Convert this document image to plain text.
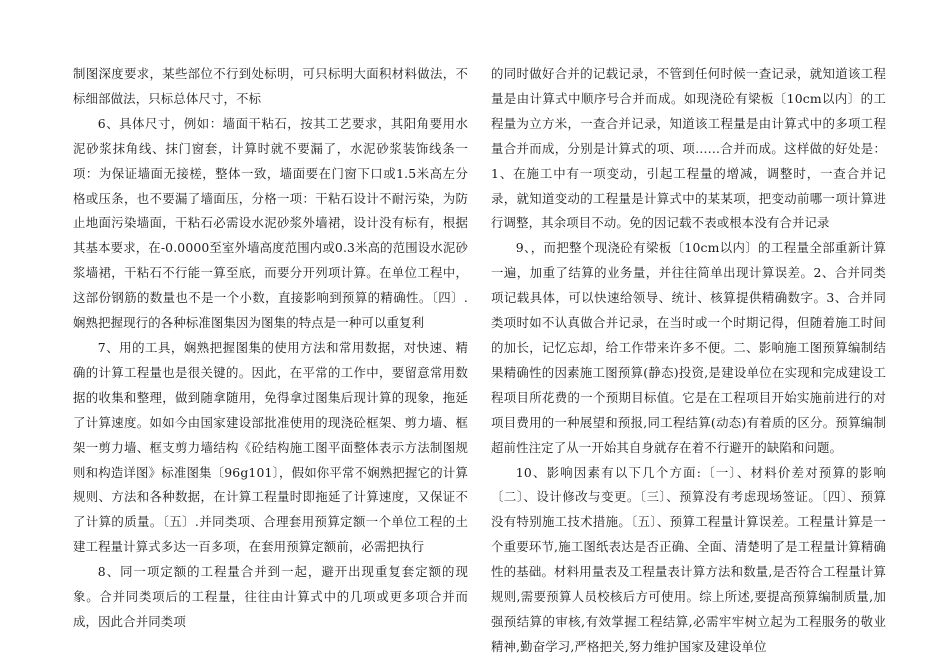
制图深度要求，某些部位不行到处标明，可只标明大面积材料做法，不标细部做法，只标总体尺寸，不标

6、具体尺寸，例如：墙面干粘石，按其工艺要求，其阳角要用水泥砂浆抹角线、抹门窗套，计算时就不要漏了，水泥砂浆装饰线条一项：为保证墙面无接槎，整体一致，墙面要在门窗下口或1.5米高左分格或压条，也不要漏了墙面压，分格一项：干粘石设计不耐污染，为防止地面污染墙面，干粘石必需设水泥砂浆外墙裙，设计没有标有，根据其基本要求，在-0.0000至室外墙高度范围内或0.3米高的范围设水泥砂浆墙裙，干粘石不行能一算至底，而要分开列项计算。在单位工程中，这部份钢筋的数量也不是一个小数，直接影响到预算的精确性。〔四〕.娴熟把握现行的各种标准图集因为图集的特点是一种可以重复利

7、用的工具，娴熟把握图集的使用方法和常用数据，对快速、精确的计算工程量也是很关键的。因此，在平常的工作中，要留意常用数据的收集和整理，做到随拿随用，免得拿过图集后现计算的现象，拖延了计算速度。如如今由国家建设部批准使用的现浇砼框架、剪力墙、框架一剪力墙、框支剪力墙结构《砼结构施工图平面整体表示方法制图规则和构造详图》标准图集〔96g101〕，假如你平常不娴熟把握它的计算规则、方法和各种数据，在计算工程量时即拖延了计算速度，又保证不了计算的质量。〔五〕.并同类项、合理套用预算定额一个单位工程的土建工程量计算式多达一百多项，在套用预算定额前，必需把执行

8、同一项定额的工程量合并到一起，避开出现重复套定额的现象。合并同类项后的工程量，往往由计算式中的几项或更多项合并而成，因此合并同类项

的同时做好合并的记载记录，不管到任何时候一查记录，就知道该工程量是由计算式中顺序号合并而成。如现浇砼有梁板〔10cm以内〕的工程量为立方米，一查合并记录，知道该工程量是由计算式中的多项工程量合并而成，分别是计算式的项、项……合并而成。这样做的好处是：1、在施工中有一项变动，引起工程量的增减，调整时，一查合并记录，就知道变动的工程量是计算式中的某某项，把变动前哪一项计算进行调整，其余项目不动。免的因记载不表或根本没有合并记录

9、，而把整个现浇砼有梁板〔10cm以内〕的工程量全部重新计算一遍，加重了结算的业务量，并往往简单出现计算误差。2、合并同类项记载具体，可以快速给领导、统计、核算提供精确数字。3、合并同类项时如不认真做合并记录，在当时或一个时期记得，但随着施工时间的加长，记忆忘却，给工作带来许多不便。二、影响施工图预算编制结果精确性的因素施工图预算(静态)投资,是建设单位在实现和完成建设工程项目所花费的一个预期目标值。它是在工程项目开始实施前进行的对项目费用的一种展望和预报,同工程结算(动态)有着质的区分。预算编制超前性注定了从一开始其自身就存在着不行避开的缺陷和问题。

10、影响因素有以下几个方面:〔一〕、材料价差对预算的影响〔二〕、设计修改与变更。〔三〕、预算没有考虑现场签证。〔四〕、预算没有特别施工技术措施。〔五〕、预算工程量计算误差。工程量计算是一个重要环节,施工图纸表达是否正确、全面、清楚明了是工程量计算精确性的基础。材料用量表及工程量表计算方法和数量,是否符合工程量计算规则,需要预算人员校核后方可使用。综上所述,要提高预算编制质量,加强预结算的审核,有效掌握工程结算,必需牢牢树立起为工程服务的敬业精神,勤奋学习,严格把关,努力维护国家及建设单位
